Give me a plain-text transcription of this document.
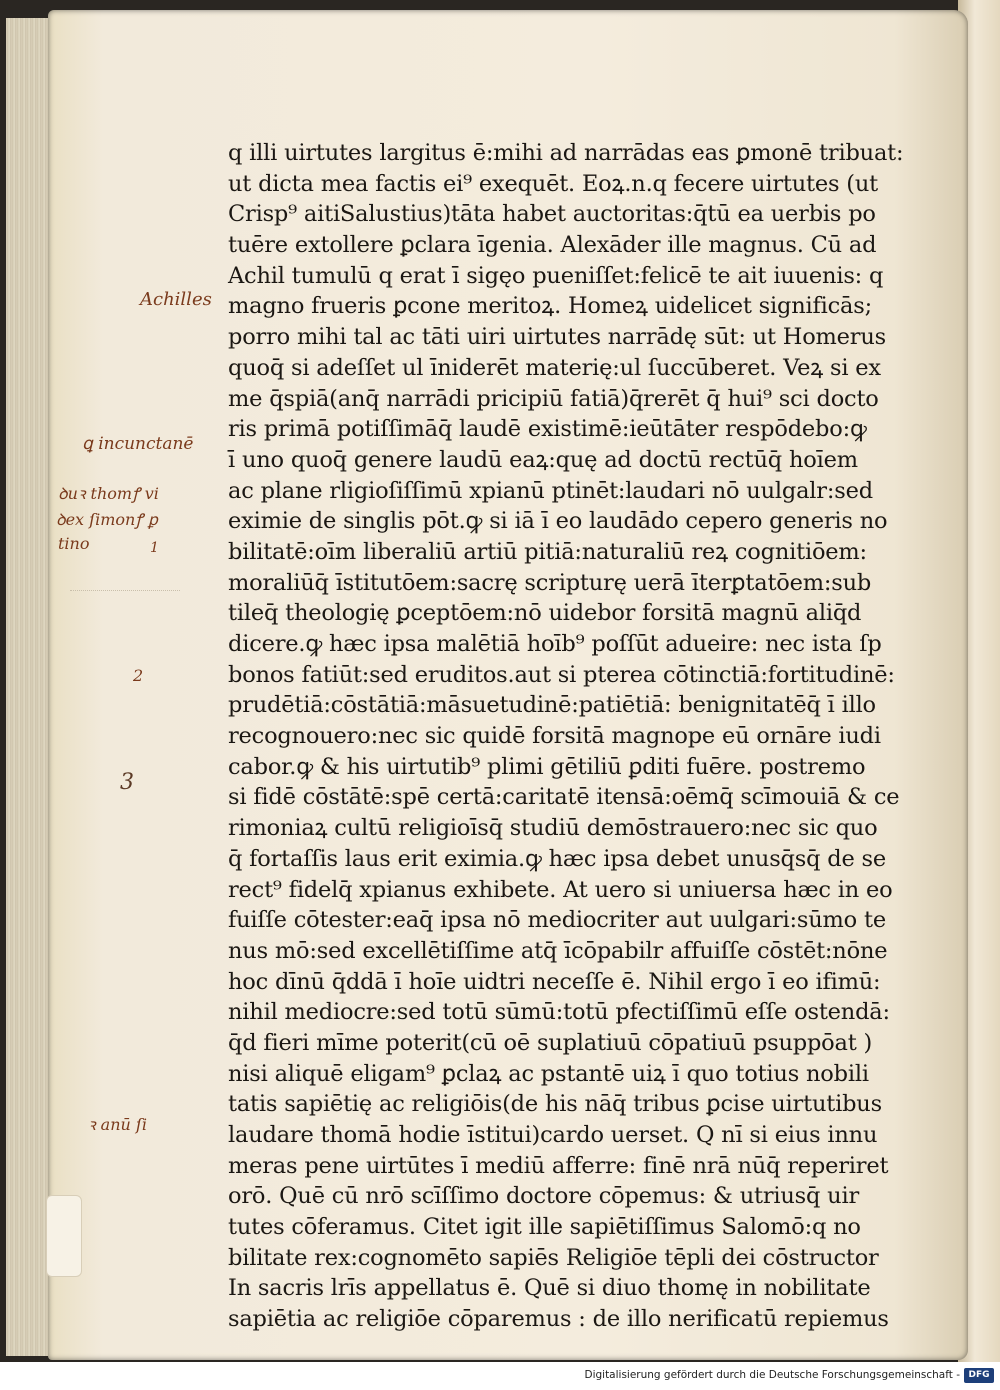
q illi uirtutes largitus ē:mihi ad narrādas eas ꝑmonē tribuat:
ut dicta mea factis ei⁹ exequēt. Eoꝝ.n.q fecere uirtutes (ut
Crisp⁹ aitiSalustius)tāta habet auctoritas:q̄tū ea uerbis po
tuēre extollere ꝑclara īgenia. Alexāder ille magnus. Cū ad
Achil tumulū q erat ī sigęo pueniſſet:felicē te ait iuuenis: q
magno frueris ꝑcone meritoꝝ. Homeꝝ uidelicet significās;
porro mihi tal ac tāti uiri uirtutes narrādę sūt: ut Homerus
quoq̄ si adeſſet ul īniderēt materię:ul ſuccūberet. Veꝝ si ex
me q̄spiā(anq̄ narrādi pricipiū fatiā)q̄rerēt q̄ hui⁹ sci docto
ris primā potiſſimāq̄ laudē existimē:ieūtāter respōdebo:ꝙ
ī uno quoq̄ genere laudū eaꝝ:quę ad doctū rectūq̄ hoīem
ac plane rligioſiſſimū xpianū ptinēt:laudari nō uulgalr:sed
eximie de singlis pōt.ꝙ si iā ī eo laudādo cepero generis no
bilitatē:oīm liberaliū artiū pitiā:naturaliū reꝝ cognitiōem:
moraliūq̄ īstitutōem:sacrę scripturę uerā īterꝑtatōem:sub
tileq̄ theologię ꝑceptōem:nō uidebor forsitā magnū aliq̄d
dicere.ꝙ hæc ipsa malētiā hoīb⁹ poſſūt adueire: nec ista ſp
bonos fatiūt:sed eruditos.aut si pterea cōtinctiā:fortitudinē:
prudētiā:cōstātiā:māsuetudinē:patiētiā: benignitatēq̄ ī illo
recognouero:nec sic quidē forsitā magnope eū ornāre iudi
cabor.ꝙ & his uirtutib⁹ plimi gētiliū ꝑditi fuēre. postremo
si fidē cōstātē:spē certā:caritatē itensā:oēmq̄ scīmouiā & ce
rimoniaꝝ cultū religioīsq̄ studiū demōstrauero:nec sic quo
q̄ fortaſſis laus erit eximia.ꝙ hæc ipsa debet unusq̄sq̄ de se
rect⁹ fidelq̄ xpianus exhibete. At uero si uniuersa hæc in eo
fuiſſe cōtester:eaq̄ ipsa nō mediocriter aut uulgari:sūmo te
nus mō:sed excellētiſſime atq̄ īcōpabilr affuiſſe cōstēt:nōne
hoc dīnū q̄ddā ī hoīe uidtri neceſſe ē. Nihil ergo ī eo ifimū:
nihil mediocre:sed totū sūmū:totū pfectiſſimū eſſe ostendā:
q̄d fieri mīme poterit(cū oē suplatiuū cōpatiuū psuppōat )
nisi aliquē eligam⁹ ꝑclaꝝ ac pstantē uiꝝ ī quo totius nobili
tatis sapiētię ac religiōis(de his nāq̄ tribus ꝑcise uirtutibus
laudare thomā hodie īstitui)cardo uerset. Q nī si eius innu
meras pene uirtūtes ī mediū afferre: finē nrā nūq̄ reperiret
orō. Quē cū nrō scīſſimo doctore cōpemus: & utriusq̄ uir
tutes cōferamus. Citet igit ille sapiētiſſimus Salomō:q no
bilitate rex:cognomēto sapiēs Religiōe tēpli dei cōstructor
In sacris lrīs appellatus ē. Quē si diuo thomę in nobilitate
sapiētia ac religiōe cōparemus : de illo nerificatū repiemus
Achilles
ꝗ incunctanē
ꝺuꝛ thomꝭ vi
ꝺex ſimonꝭ ꝑ
tino	1
2
3
ꝛ anū ſi
Digitalisierung gefördert durch die Deutsche Forschungsgemeinschaft - DFG
